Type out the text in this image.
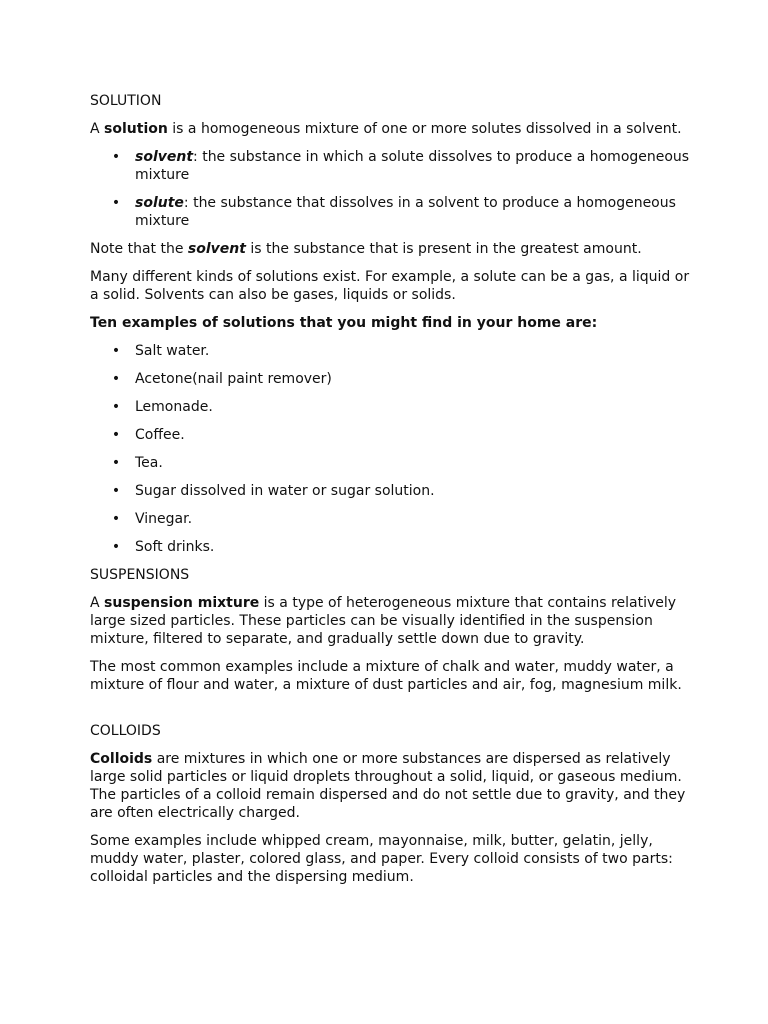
SOLUTION

A solution is a homogeneous mixture of one or more solutes dissolved in a solvent.

• solvent: the substance in which a solute dissolves to produce a homogeneous mixture
• solute: the substance that dissolves in a solvent to produce a homogeneous mixture

Note that the solvent is the substance that is present in the greatest amount.

Many different kinds of solutions exist. For example, a solute can be a gas, a liquid or a solid. Solvents can also be gases, liquids or solids.

Ten examples of solutions that you might find in your home are:

• Salt water.
• Acetone(nail paint remover)
• Lemonade.
• Coffee.
• Tea.
• Sugar dissolved in water or sugar solution.
• Vinegar.
• Soft drinks.

SUSPENSIONS

A suspension mixture is a type of heterogeneous mixture that contains relatively large sized particles. These particles can be visually identified in the suspension mixture, filtered to separate, and gradually settle down due to gravity.

The most common examples include a mixture of chalk and water, muddy water, a mixture of flour and water, a mixture of dust particles and air, fog, magnesium milk.

COLLOIDS

Colloids are mixtures in which one or more substances are dispersed as relatively large solid particles or liquid droplets throughout a solid, liquid, or gaseous medium. The particles of a colloid remain dispersed and do not settle due to gravity, and they are often electrically charged.

Some examples include whipped cream, mayonnaise, milk, butter, gelatin, jelly, muddy water, plaster, colored glass, and paper. Every colloid consists of two parts: colloidal particles and the dispersing medium.
